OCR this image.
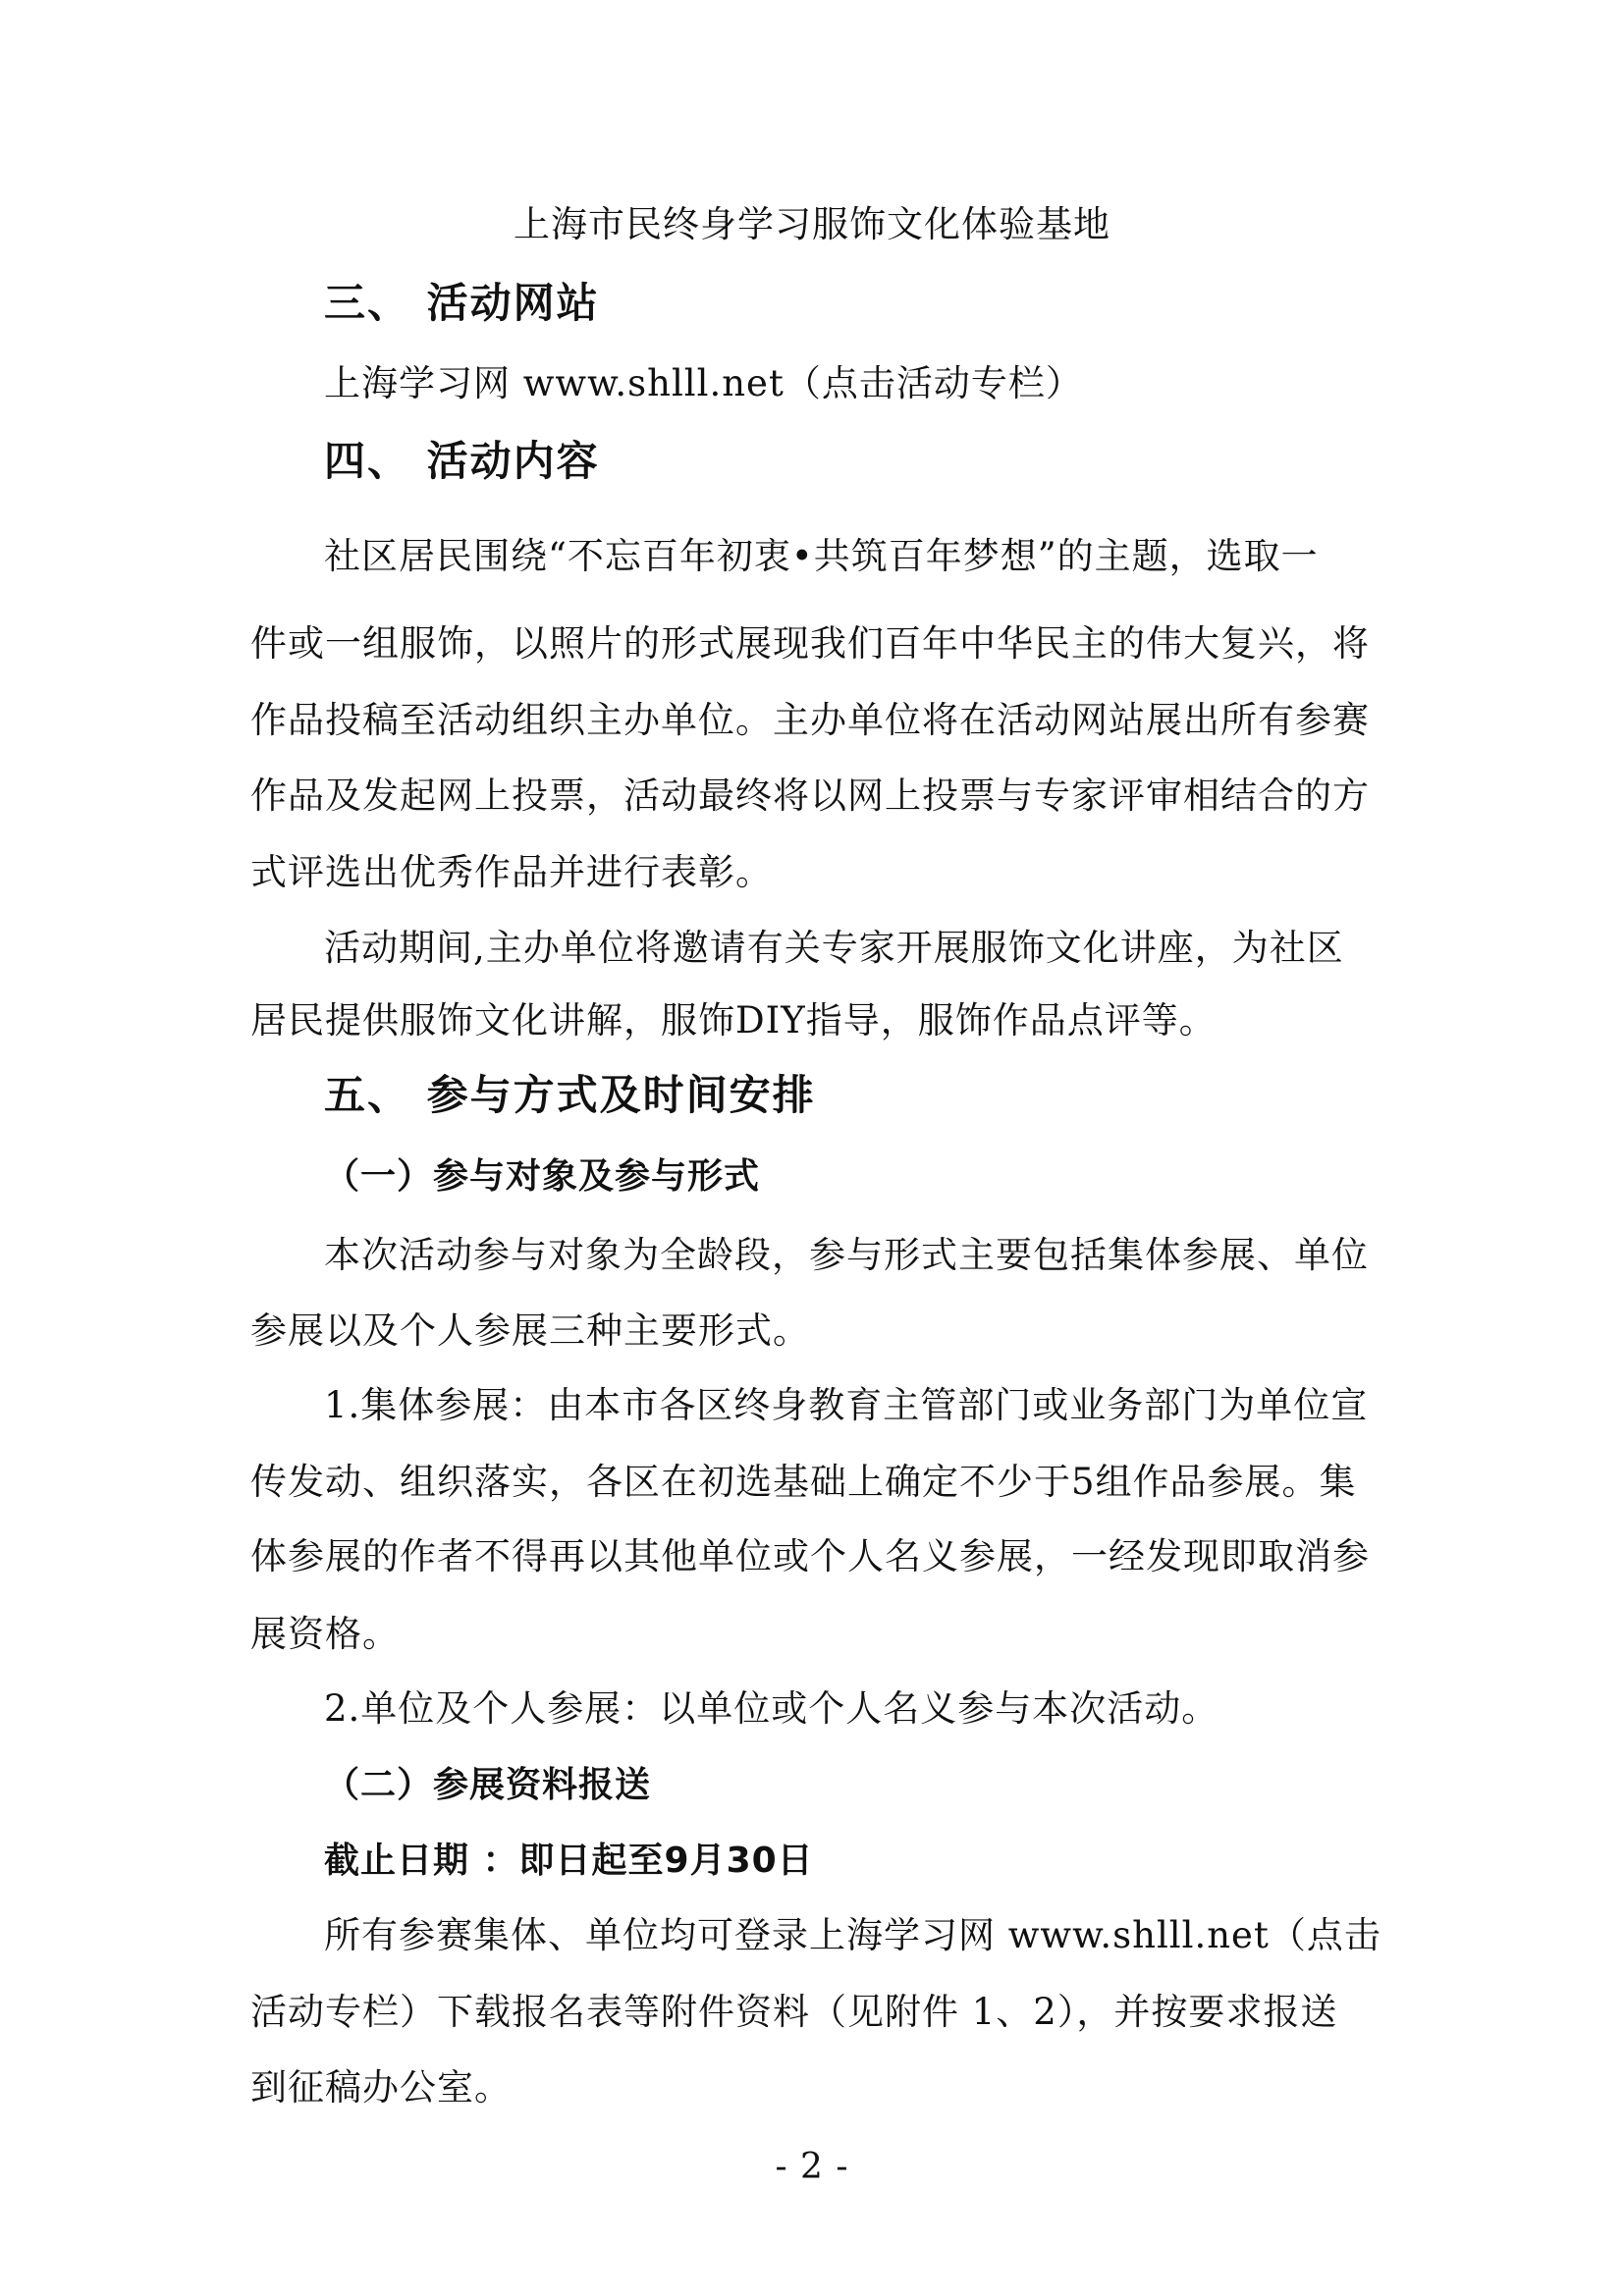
上海市民终身学习服饰文化体验基地
三、 活动网站
上海学习网 www.shlll.net（点击活动专栏）
四、 活动内容
社区居民围绕“不忘百年初衷•共筑百年梦想”的主题，选取一
件或一组服饰，以照片的形式展现我们百年中华民主的伟大复兴，将
作品投稿至活动组织主办单位。主办单位将在活动网站展出所有参赛
作品及发起网上投票，活动最终将以网上投票与专家评审相结合的方
式评选出优秀作品并进行表彰。
活动期间,主办单位将邀请有关专家开展服饰文化讲座，为社区
居民提供服饰文化讲解，服饰DIY指导，服饰作品点评等。
五、 参与方式及时间安排
（一）参与对象及参与形式
本次活动参与对象为全龄段，参与形式主要包括集体参展、单位
参展以及个人参展三种主要形式。
1.集体参展：由本市各区终身教育主管部门或业务部门为单位宣
传发动、组织落实，各区在初选基础上确定不少于5组作品参展。集
体参展的作者不得再以其他单位或个人名义参展，一经发现即取消参
展资格。
2.单位及个人参展：以单位或个人名义参与本次活动。
（二）参展资料报送
截止日期 ：即日起至9月30日
所有参赛集体、单位均可登录上海学习网 www.shlll.net（点击
活动专栏）下载报名表等附件资料（见附件 1、2），并按要求报送
到征稿办公室。
- 2 -
